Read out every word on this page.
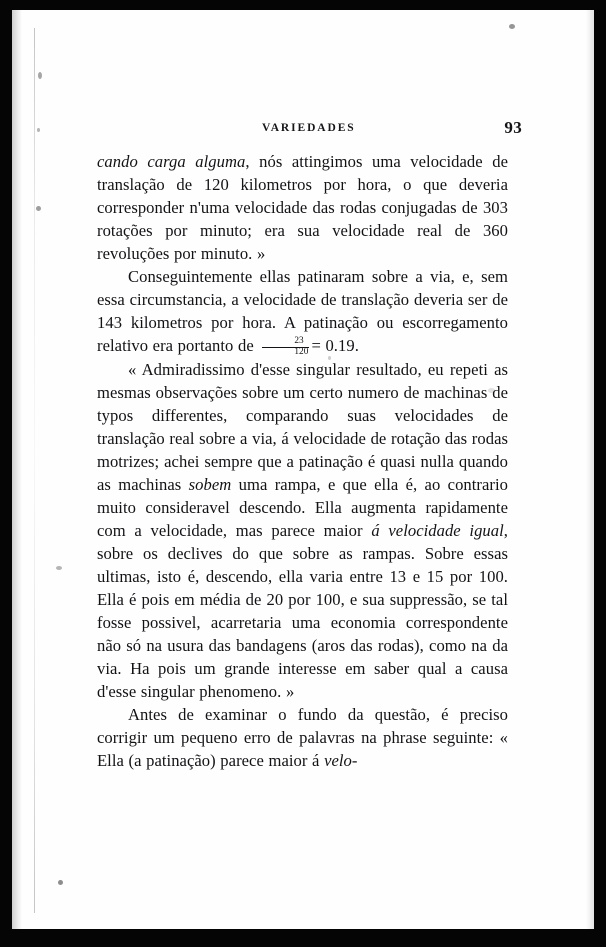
VARIEDADES	93

cando carga alguma, nós attingimos uma velocidade de translação de 120 kilometros por hora, o que deveria corresponder n'uma velocidade das rodas conjugadas de 303 rotações por minuto; era sua velocidade real de 360 revoluções por minuto. »

Conseguintemente ellas patinaram sobre a via, e, sem essa circumstancia, a velocidade de translação deveria ser de 143 kilometros por hora. A patinação ou escorregamento relativo era portanto de $\frac{23}{120} = 0.19$.

« Admiradissimo d'esse singular resultado, eu repeti as mesmas observações sobre um certo numero de machinas de typos differentes, comparando suas velocidades de translação real sobre a via, á velocidade de rotação das rodas motrizes; achei sempre que a patinação é quasi nulla quando as machinas sobem uma rampa, e que ella é, ao contrario muito consideravel descendo. Ella augmenta rapidamente com a velocidade, mas parece maior á velocidade igual, sobre os declives do que sobre as rampas. Sobre essas ultimas, isto é, descendo, ella varia entre 13 e 15 por 100. Ella é pois em média de 20 por 100, e sua suppressão, se tal fosse possivel, acarretaria uma economia correspondente não só na usura das bandagens (aros das rodas), como na da via. Ha pois um grande interesse em saber qual a causa d'esse singular phenomeno. »

Antes de examinar o fundo da questão, é preciso corrigir um pequeno erro de palavras na phrase seguinte: « Ella (a patinação) parece maior á velo-
